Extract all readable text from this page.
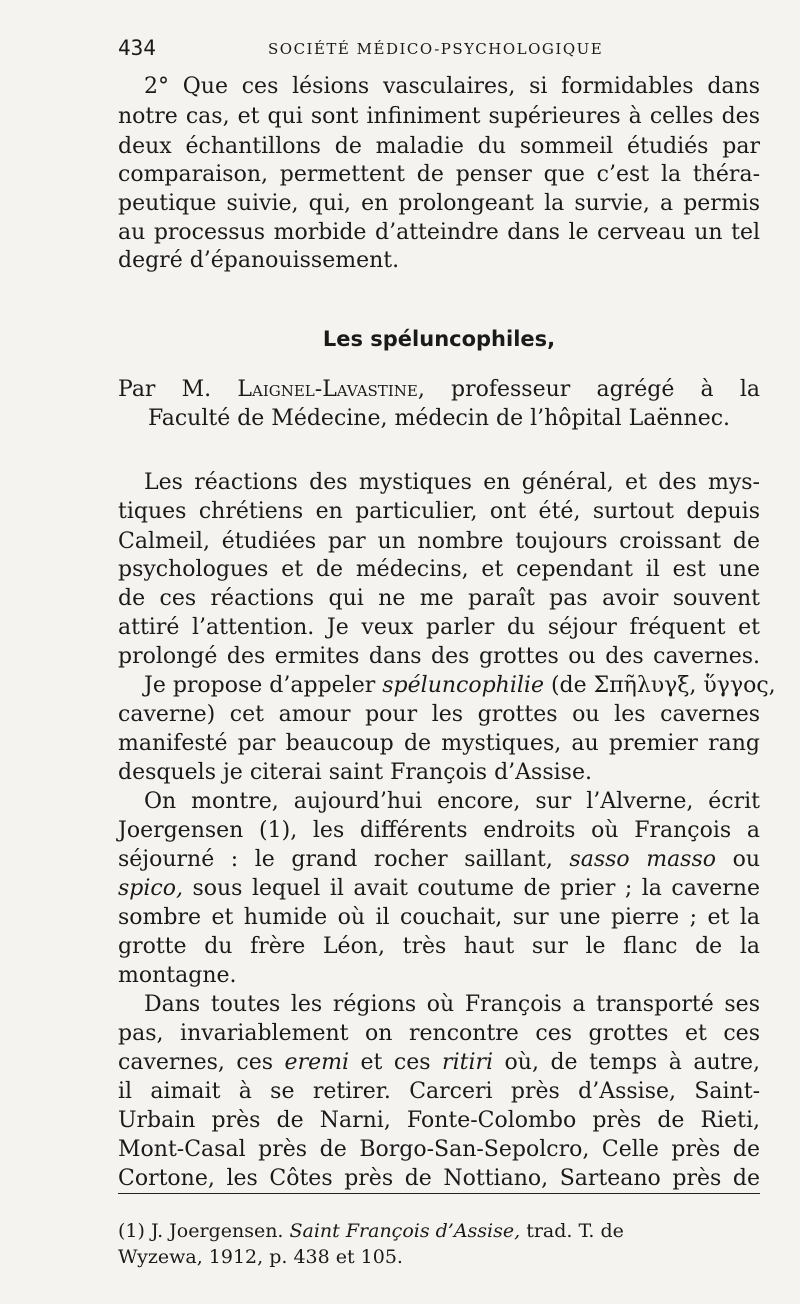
434	SOCIÉTÉ MÉDICO-PSYCHOLOGIQUE
2° Que ces lésions vasculaires, si formidables dans
notre cas, et qui sont infiniment supérieures à celles des
deux échantillons de maladie du sommeil étudiés par
comparaison, permettent de penser que c’est la théra-
peutique suivie, qui, en prolongeant la survie, a permis
au processus morbide d’atteindre dans le cerveau un tel
degré d’épanouissement.
Les spéluncophiles,
Par M. Laignel-Lavastine, professeur agrégé à la
Faculté de Médecine, médecin de l’hôpital Laënnec.
Les réactions des mystiques en général, et des mys-
tiques chrétiens en particulier, ont été, surtout depuis
Calmeil, étudiées par un nombre toujours croissant de
psychologues et de médecins, et cependant il est une
de ces réactions qui ne me paraît pas avoir souvent
attiré l’attention. Je veux parler du séjour fréquent et
prolongé des ermites dans des grottes ou des cavernes.
Je propose d’appeler spéluncophilie (de Σπῆλυγξ, ὕγγος,
caverne) cet amour pour les grottes ou les cavernes
manifesté par beaucoup de mystiques, au premier rang
desquels je citerai saint François d’Assise.
On montre, aujourd’hui encore, sur l’Alverne, écrit
Joergensen (1), les différents endroits où François a
séjourné : le grand rocher saillant, sasso masso ou
spico, sous lequel il avait coutume de prier ; la caverne
sombre et humide où il couchait, sur une pierre ; et la
grotte du frère Léon, très haut sur le flanc de la
montagne.
Dans toutes les régions où François a transporté ses
pas, invariablement on rencontre ces grottes et ces
cavernes, ces eremi et ces ritiri où, de temps à autre,
il aimait à se retirer. Carceri près d’Assise, Saint-
Urbain près de Narni, Fonte-Colombo près de Rieti,
Mont-Casal près de Borgo-San-Sepolcro, Celle près de
Cortone, les Côtes près de Nottiano, Sarteano près de
(1) J. Joergensen. Saint François d’Assise, trad. T. de
Wyzewa, 1912, p. 438 et 105.
